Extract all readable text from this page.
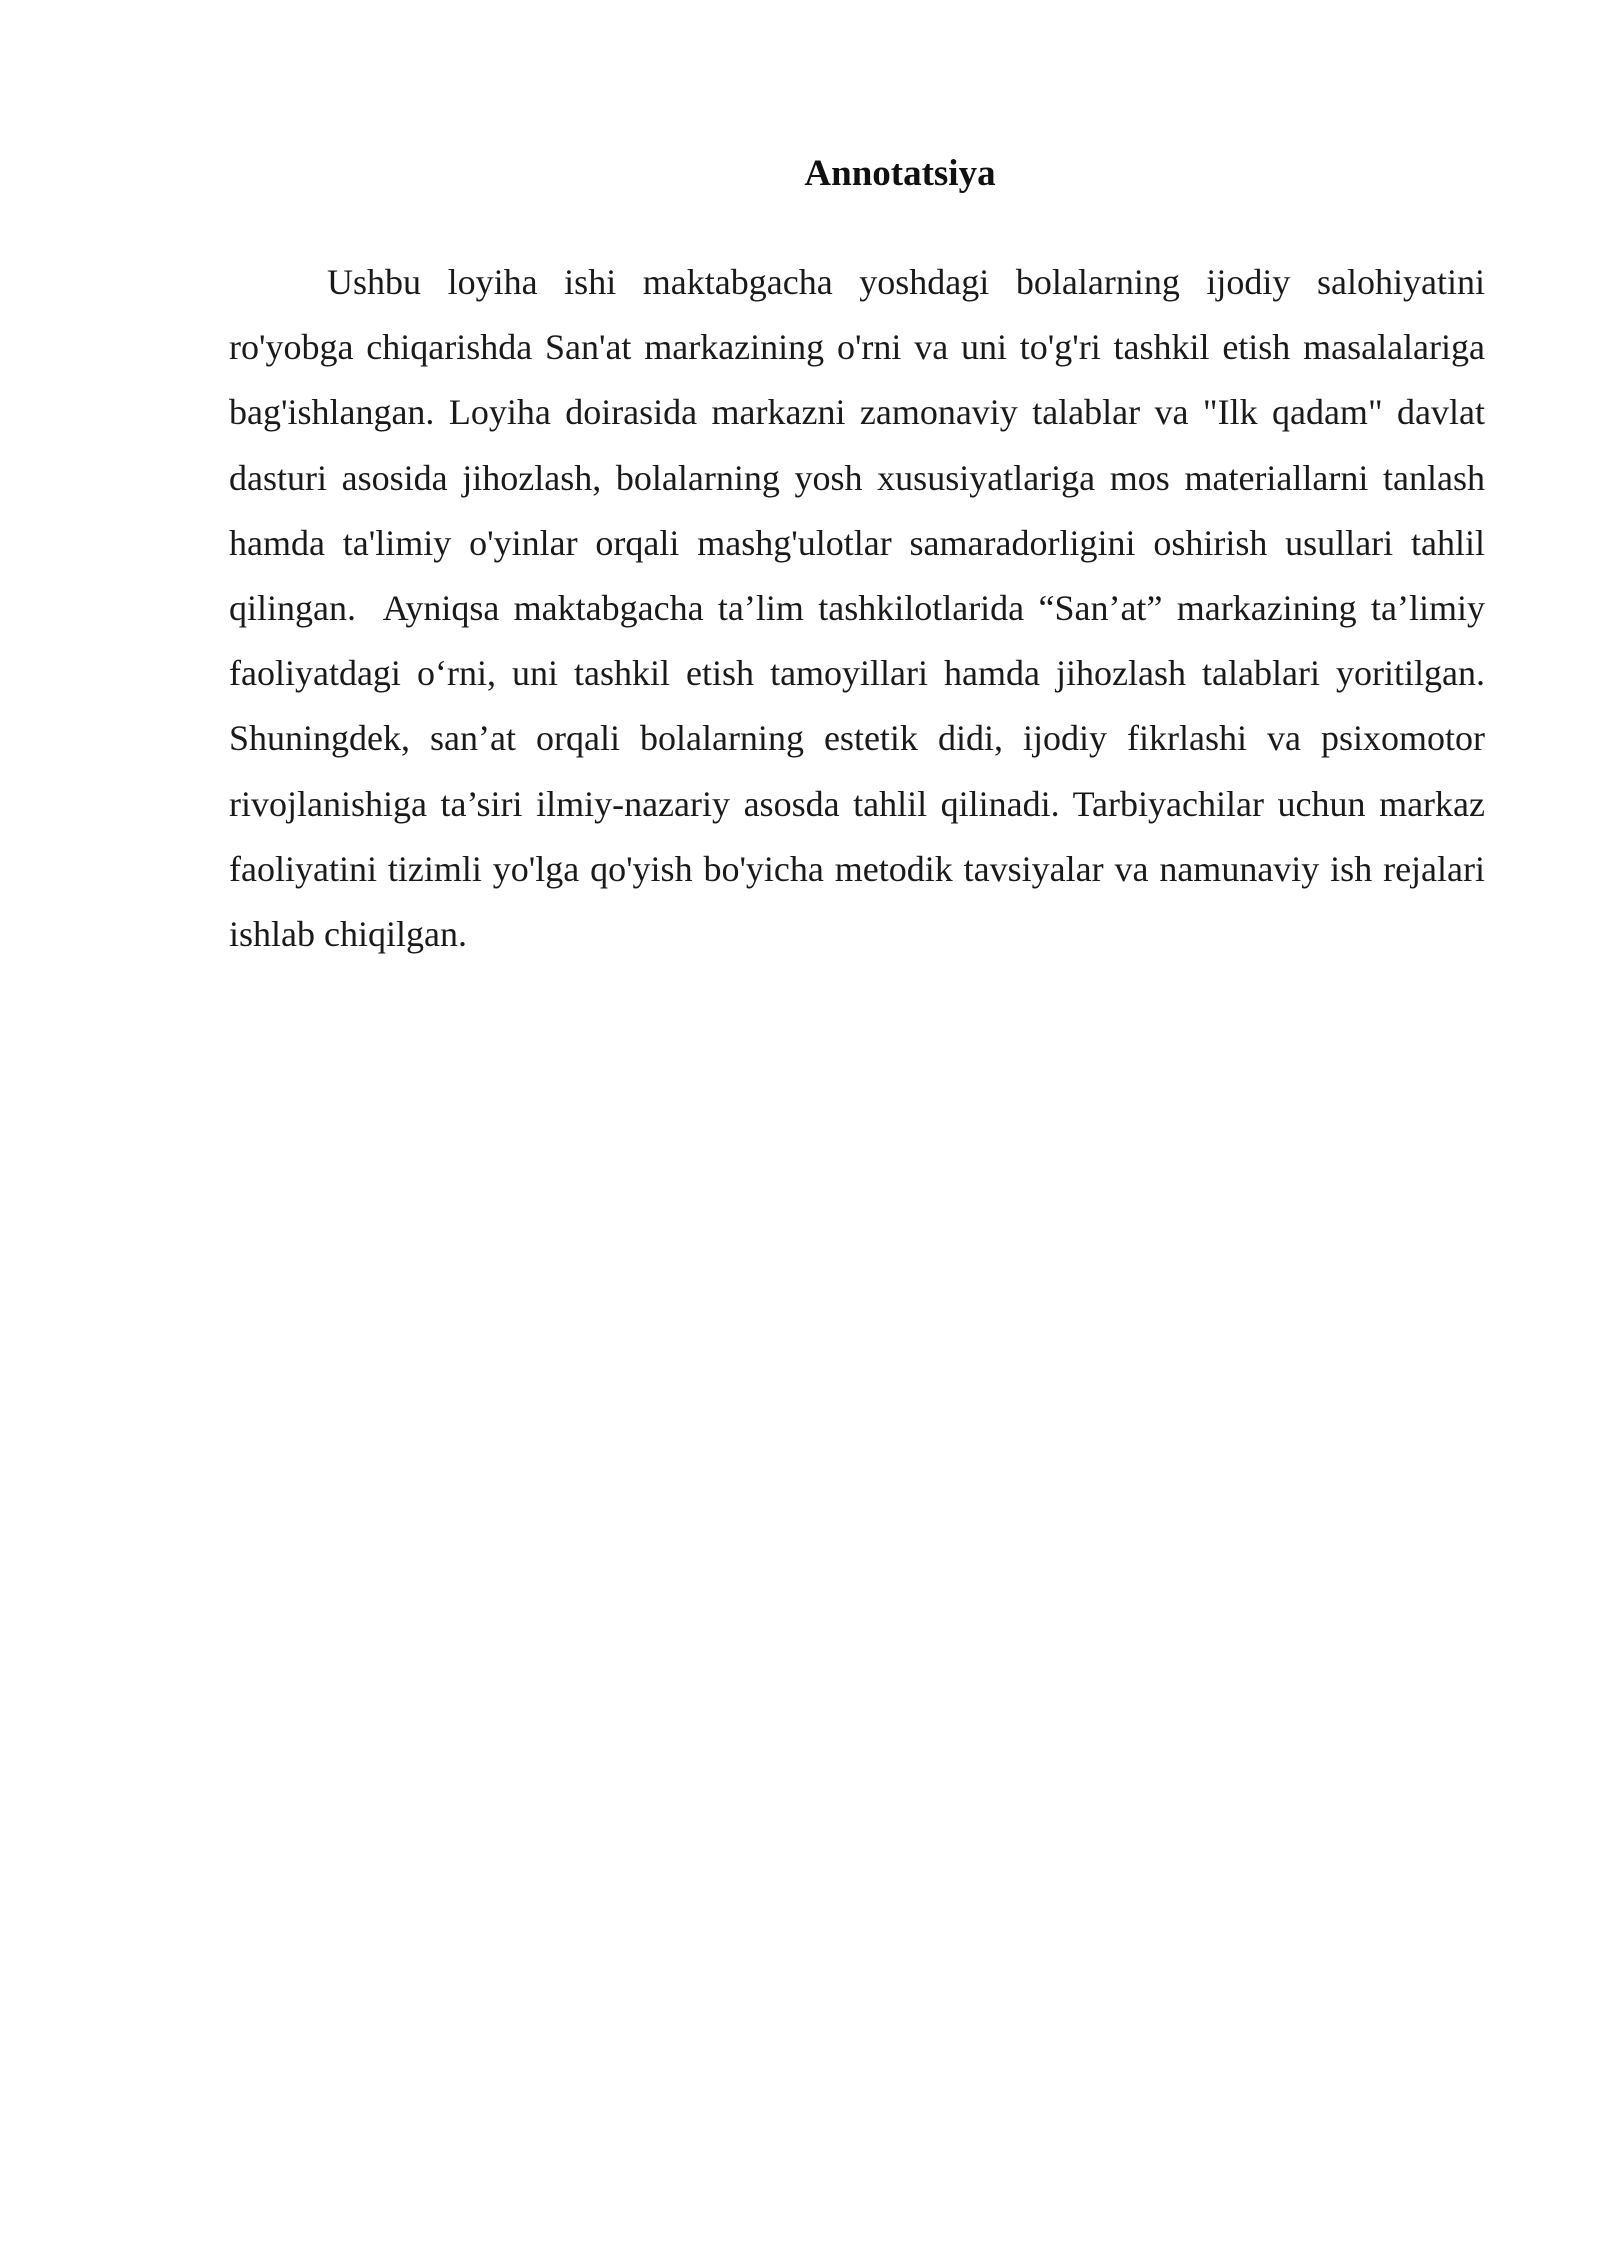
Annotatsiya

Ushbu loyiha ishi maktabgacha yoshdagi bolalarning ijodiy salohiyatini ro'yobga chiqarishda San'at markazining o'rni va uni to'g'ri tashkil etish masalalariga bag'ishlangan. Loyiha doirasida markazni zamonaviy talablar va "Ilk qadam" davlat dasturi asosida jihozlash, bolalarning yosh xususiyatlariga mos materiallarni tanlash hamda ta'limiy o'yinlar orqali mashg'ulotlar samaradorligini oshirish usullari tahlil qilingan.  Ayniqsa maktabgacha ta’lim tashkilotlarida “San’at” markazining ta’limiy faoliyatdagi o‘rni, uni tashkil etish tamoyillari hamda jihozlash talablari yoritilgan. Shuningdek, san’at orqali bolalarning estetik didi, ijodiy fikrlashi va psixomotor rivojlanishiga ta’siri ilmiy-nazariy asosda tahlil qilinadi. Tarbiyachilar uchun markaz faoliyatini tizimli yo'lga qo'yish bo'yicha metodik tavsiyalar va namunaviy ish rejalari ishlab chiqilgan.
